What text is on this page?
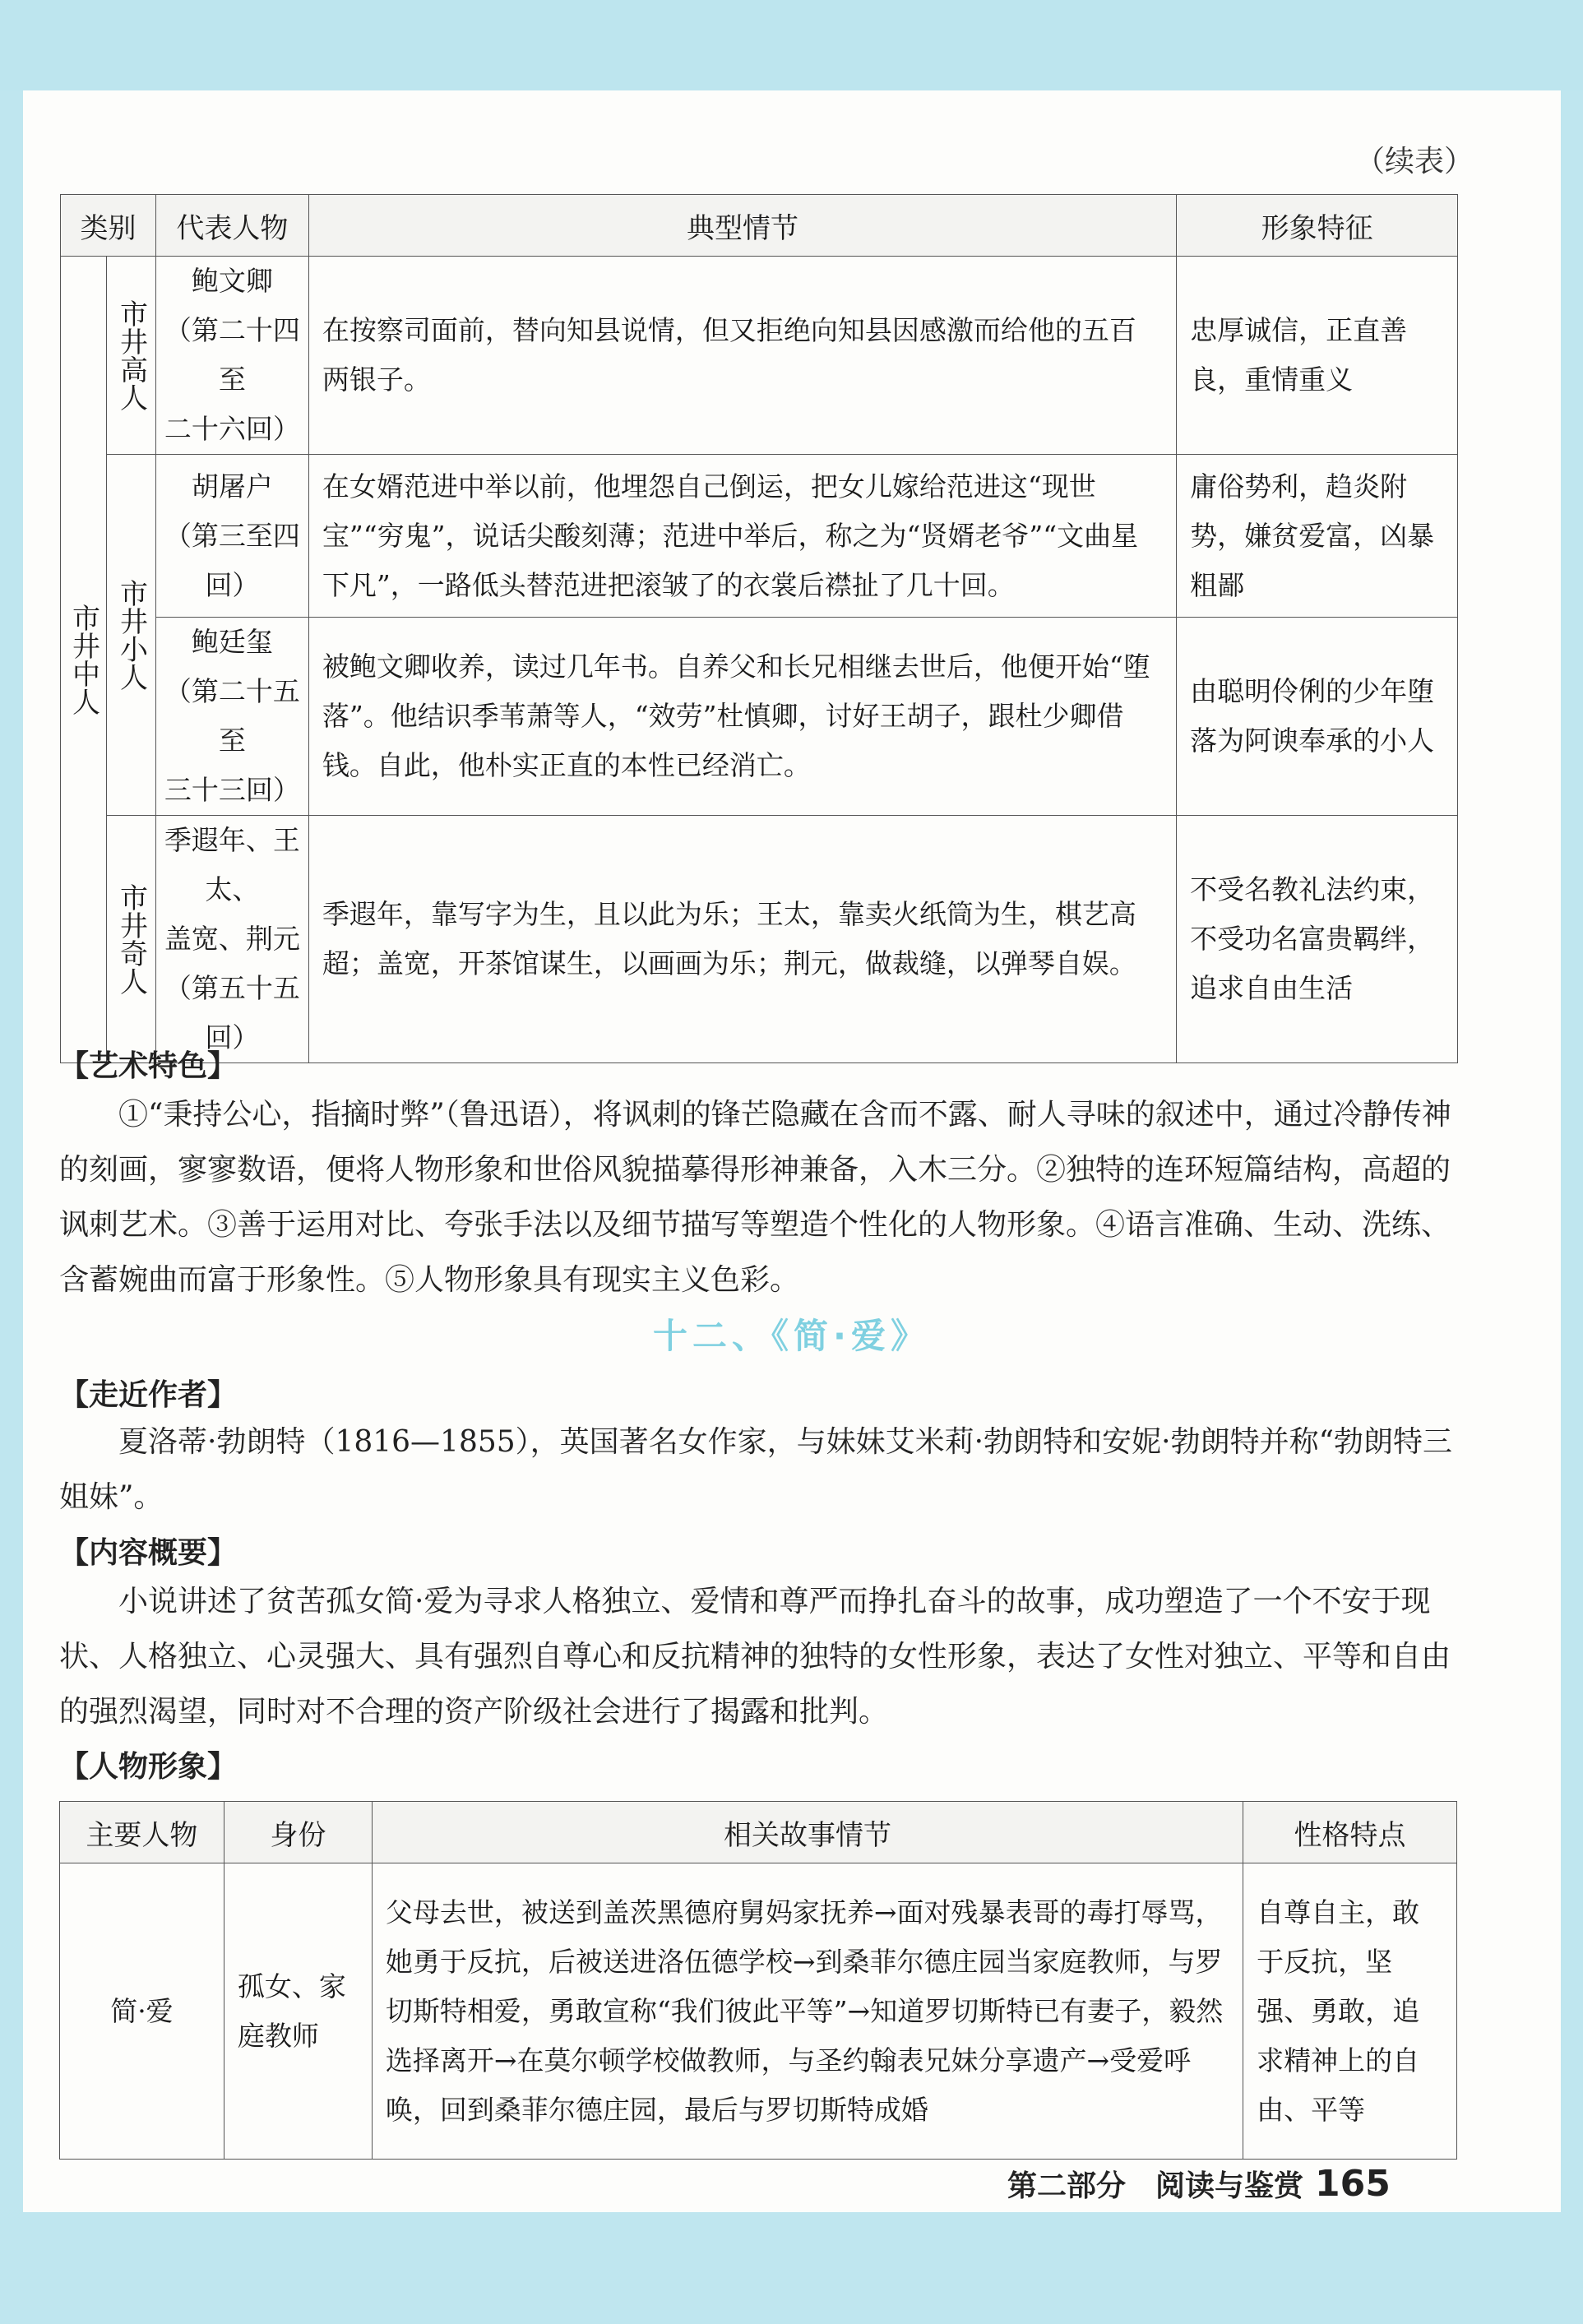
（续表）
类别		代表人物	典型情节	形象特征

市井中人	市井高人	鲍文卿
（第二十四至
二十六回）	在按察司面前，替向知县说情，但又拒绝向知县因感激而给他的五百两银子。	忠厚诚信，正直善良，重情重义

	市井小人	胡屠户
（第三至四回）	在女婿范进中举以前，他埋怨自己倒运，把女儿嫁给范进这“现世宝”“穷鬼”，说话尖酸刻薄；范进中举后，称之为“贤婿老爷”“文曲星下凡”，一路低头替范进把滚皱了的衣裳后襟扯了几十回。	庸俗势利，趋炎附势，嫌贫爱富，凶暴粗鄙

		鲍廷玺
（第二十五至
三十三回）	被鲍文卿收养，读过几年书。自养父和长兄相继去世后，他便开始“堕落”。他结识季苇萧等人，“效劳”杜慎卿，讨好王胡子，跟杜少卿借钱。自此，他朴实正直的本性已经消亡。	由聪明伶俐的少年堕落为阿谀奉承的小人

	市井奇人	季遐年、王太、
盖宽、荆元
（第五十五回）	季遐年，靠写字为生，且以此为乐；王太，靠卖火纸筒为生，棋艺高超；盖宽，开茶馆谋生，以画画为乐；荆元，做裁缝，以弹琴自娱。	不受名教礼法约束，不受功名富贵羁绊，追求自由生活
【艺术特色】

①“秉持公心，指摘时弊”（鲁迅语），将讽刺的锋芒隐藏在含而不露、耐人寻味的叙述中，通过冷静传神的刻画，寥寥数语，便将人物形象和世俗风貌描摹得形神兼备，入木三分。②独特的连环短篇结构，高超的讽刺艺术。③善于运用对比、夸张手法以及细节描写等塑造个性化的人物形象。④语言准确、生动、洗练、含蓄婉曲而富于形象性。⑤人物形象具有现实主义色彩。

十二、《简·爱》
【走近作者】

夏洛蒂·勃朗特（1816—1855），英国著名女作家，与妹妹艾米莉·勃朗特和安妮·勃朗特并称“勃朗特三姐妹”。

【内容概要】

小说讲述了贫苦孤女简·爱为寻求人格独立、爱情和尊严而挣扎奋斗的故事，成功塑造了一个不安于现状、人格独立、心灵强大、具有强烈自尊心和反抗精神的独特的女性形象，表达了女性对独立、平等和自由的强烈渴望，同时对不合理的资产阶级社会进行了揭露和批判。

【人物形象】
主要人物	身份	相关故事情节	性格特点
简·爱	孤女、家庭教师	父母去世，被送到盖茨黑德府舅妈家抚养→面对残暴表哥的毒打辱骂，她勇于反抗，后被送进洛伍德学校→到桑菲尔德庄园当家庭教师，与罗切斯特相爱，勇敢宣称“我们彼此平等”→知道罗切斯特已有妻子，毅然选择离开→在莫尔顿学校做教师，与圣约翰表兄妹分享遗产→受爱呼唤，回到桑菲尔德庄园，最后与罗切斯特成婚	自尊自主，敢于反抗，坚强、勇敢，追求精神上的自由、平等
第二部分　阅读与鉴赏 165
